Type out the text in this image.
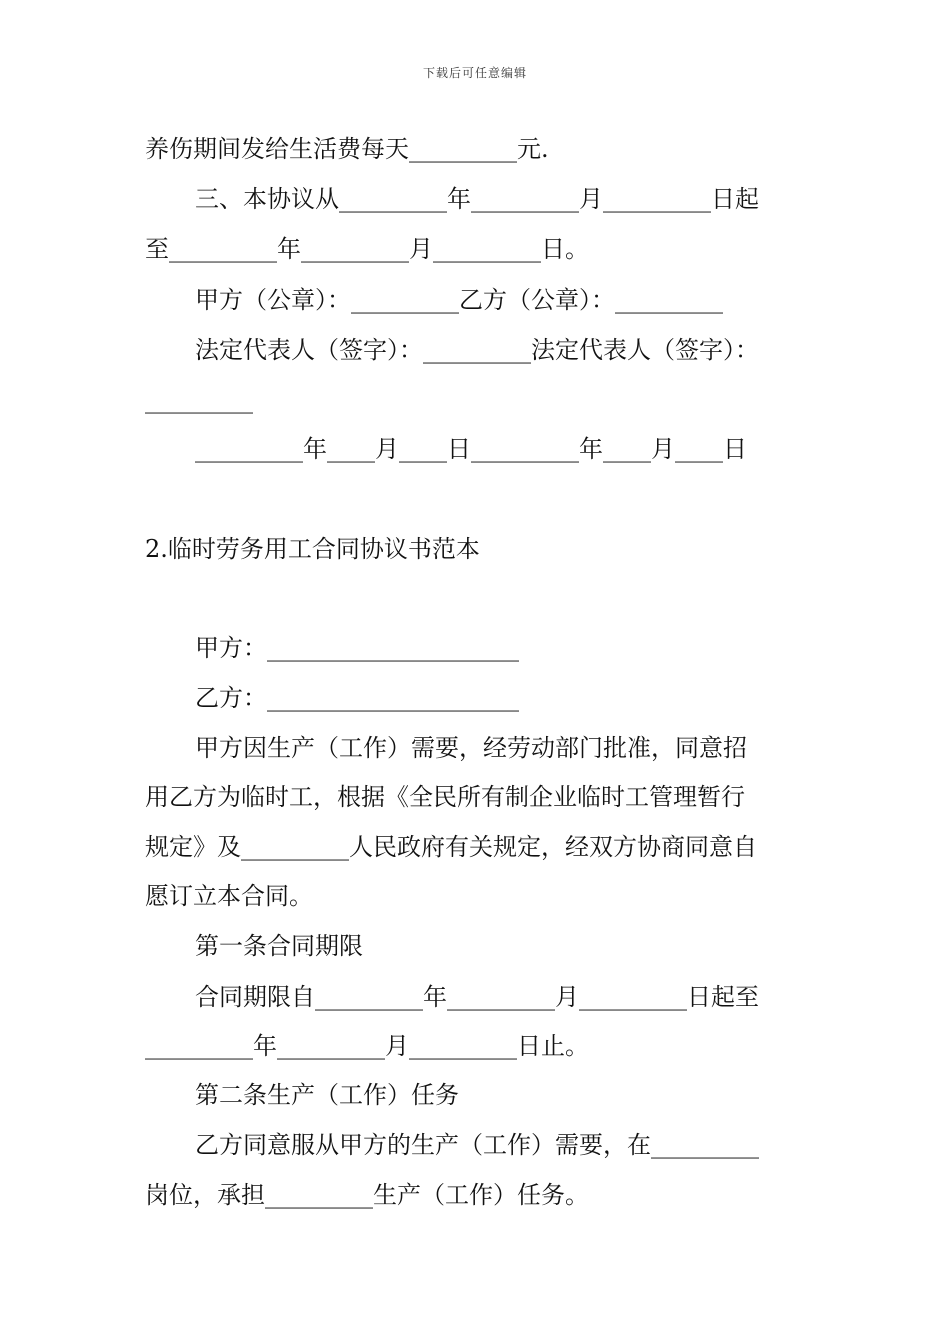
下载后可任意编辑
养伤期间发给生活费每天_________元.
三、本协议从_________年_________月_________日起
至_________年_________月_________日。
甲方（公章）：_________乙方（公章）：_________
法定代表人（签字）：_________法定代表人（签字）：
_________
_________年____月____日_________年____月____日
2.临时劳务用工合同协议书范本
甲方：_____________________
乙方：_____________________
甲方因生产（工作）需要，经劳动部门批准，同意招
用乙方为临时工，根据《全民所有制企业临时工管理暂行
规定》及_________人民政府有关规定，经双方协商同意自
愿订立本合同。
第一条合同期限
合同期限自_________年_________月_________日起至
_________年_________月_________日止。
第二条生产（工作）任务
乙方同意服从甲方的生产（工作）需要，在_________
岗位，承担_________生产（工作）任务。
